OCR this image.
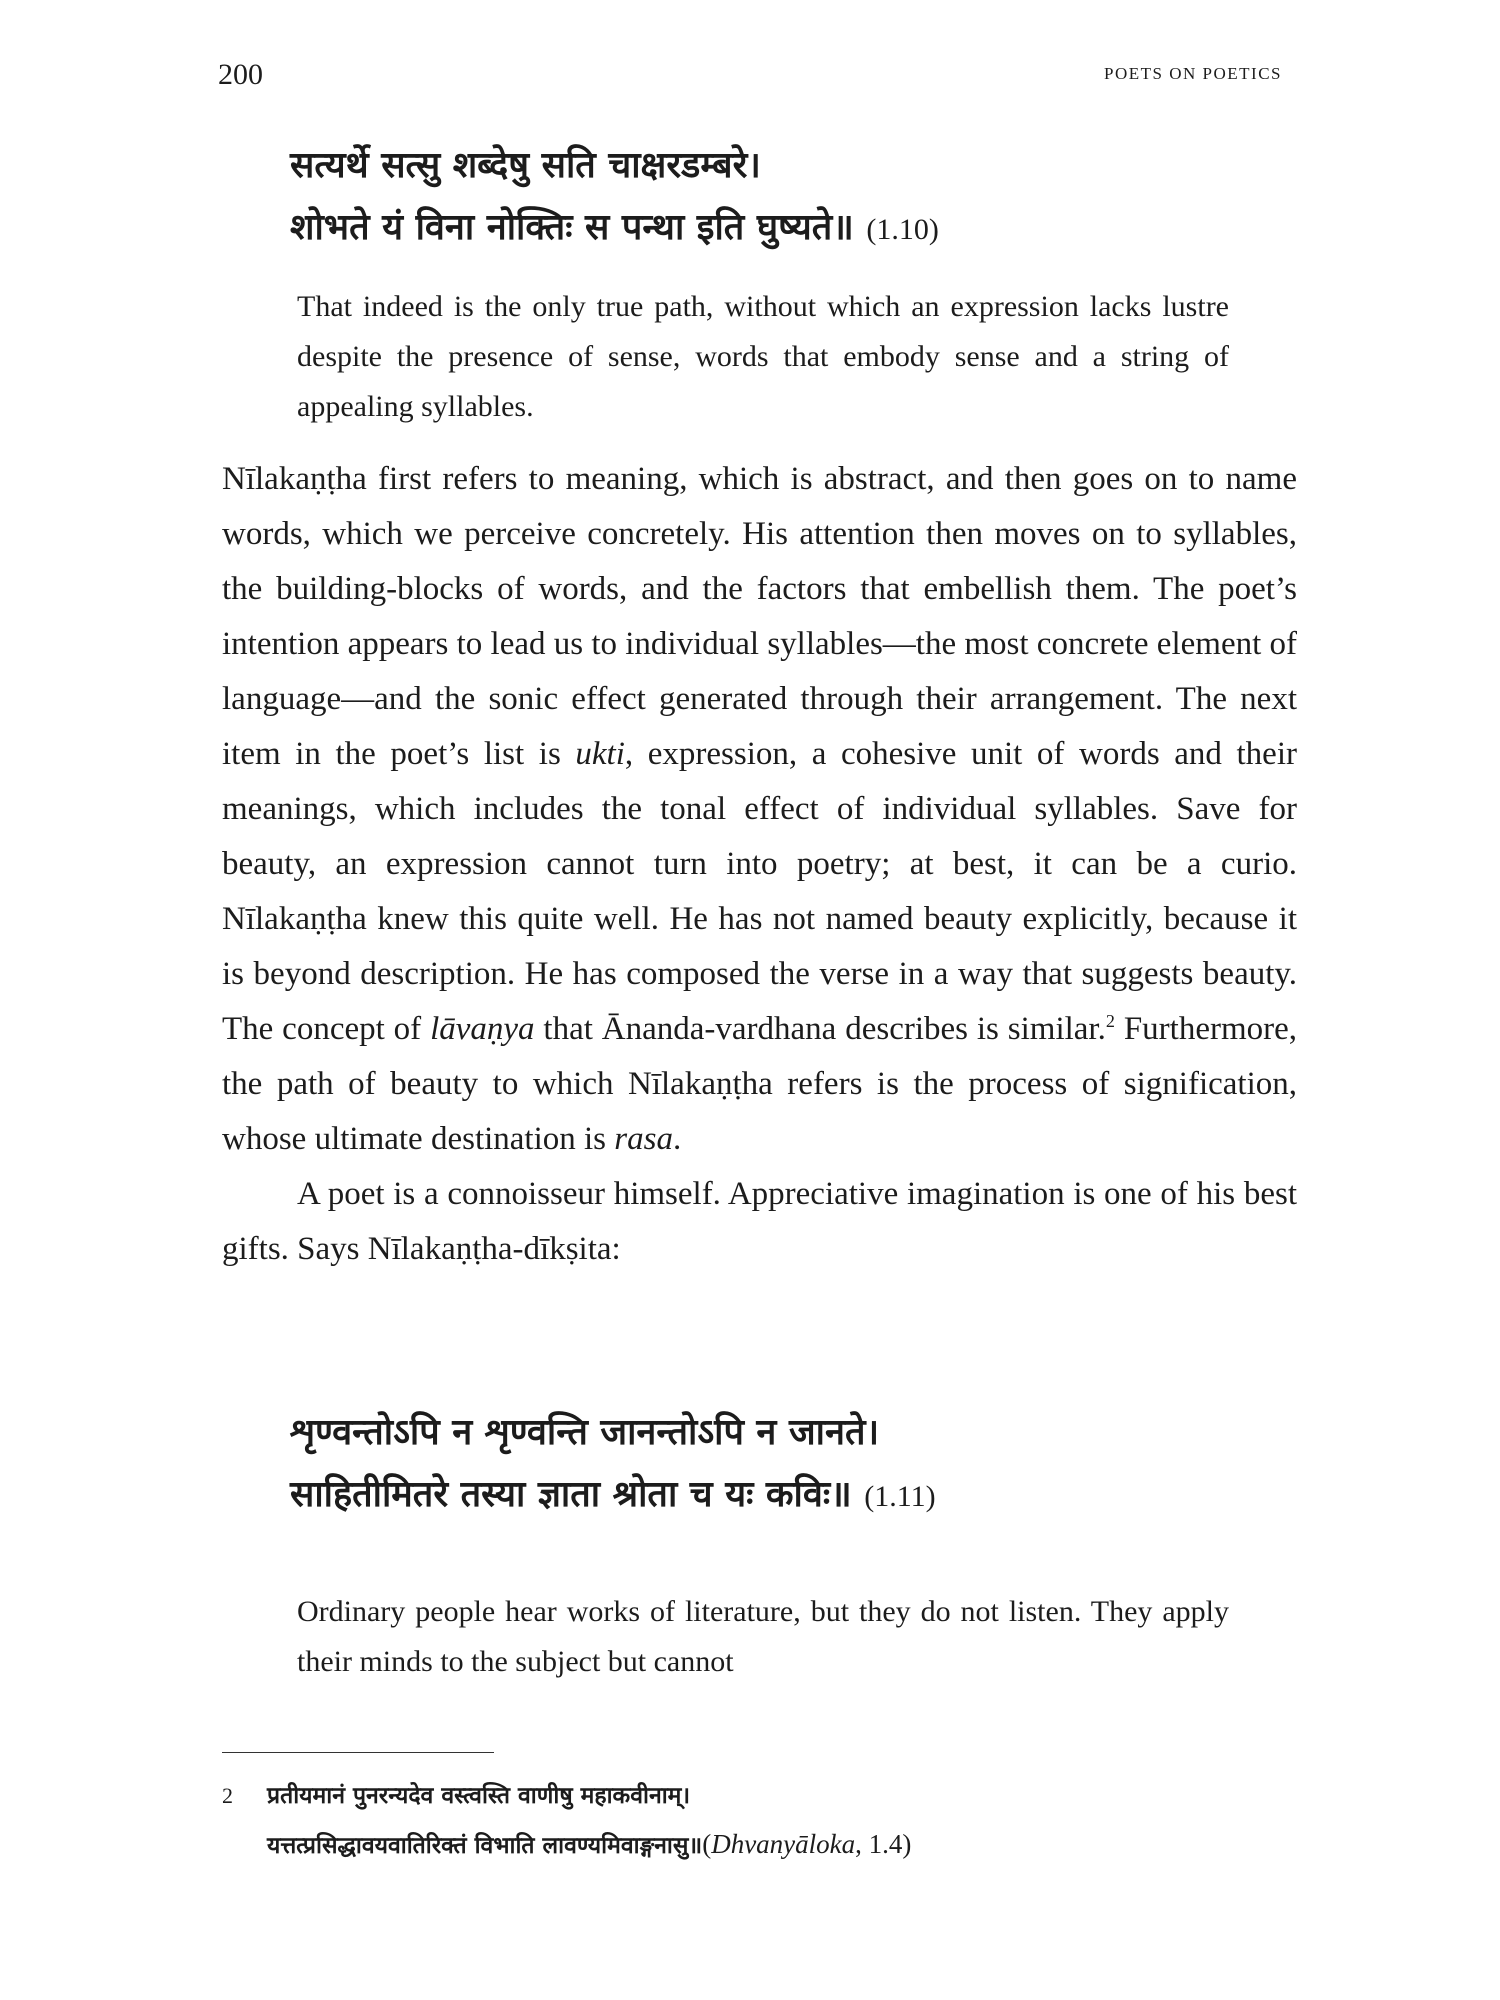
200	POETS ON POETICS
सत्यर्थे सत्सु शब्देषु सति चाक्षरडम्बरे।
शोभते यं विना नोक्तिः स पन्था इति घुष्यते॥ (1.10)
That indeed is the only true path, without which an expression lacks lustre despite the presence of sense, words that embody sense and a string of appealing syllables.

Nīlakaṇṭha first refers to meaning, which is abstract, and then goes on to name words, which we perceive concretely. His attention then moves on to syllables, the building-blocks of words, and the factors that embellish them. The poet’s intention appears to lead us to individual syllables—the most concrete element of language—and the sonic effect generated through their arrangement. The next item in the poet’s list is ukti, expression, a cohesive unit of words and their meanings, which includes the tonal effect of individual syllables. Save for beauty, an expression cannot turn into poetry; at best, it can be a curio. Nīlakaṇṭha knew this quite well. He has not named beauty explicitly, because it is beyond description. He has composed the verse in a way that suggests beauty. The concept of lāvaṇya that Ānanda-vardhana describes is similar.$^2$ Furthermore, the path of beauty to which Nīlakaṇṭha refers is the process of signification, whose ultimate destination is rasa.

A poet is a connoisseur himself. Appreciative imagination is one of his best gifts. Says Nīlakaṇṭha-dīkṣita:

शृण्वन्तोऽपि न शृण्वन्ति जानन्तोऽपि न जानते।
साहितीमितरे तस्या ज्ञाता श्रोता च यः कविः॥ (1.11)
Ordinary people hear works of literature, but they do not listen. They apply their minds to the subject but cannot
2	प्रतीयमानं पुनरन्यदेव वस्त्वस्ति वाणीषु महाकवीनाम्।
यत्तत्प्रसिद्धावयवातिरिक्तं विभाति लावण्यमिवाङ्गनासु॥(Dhvanyāloka, 1.4)
